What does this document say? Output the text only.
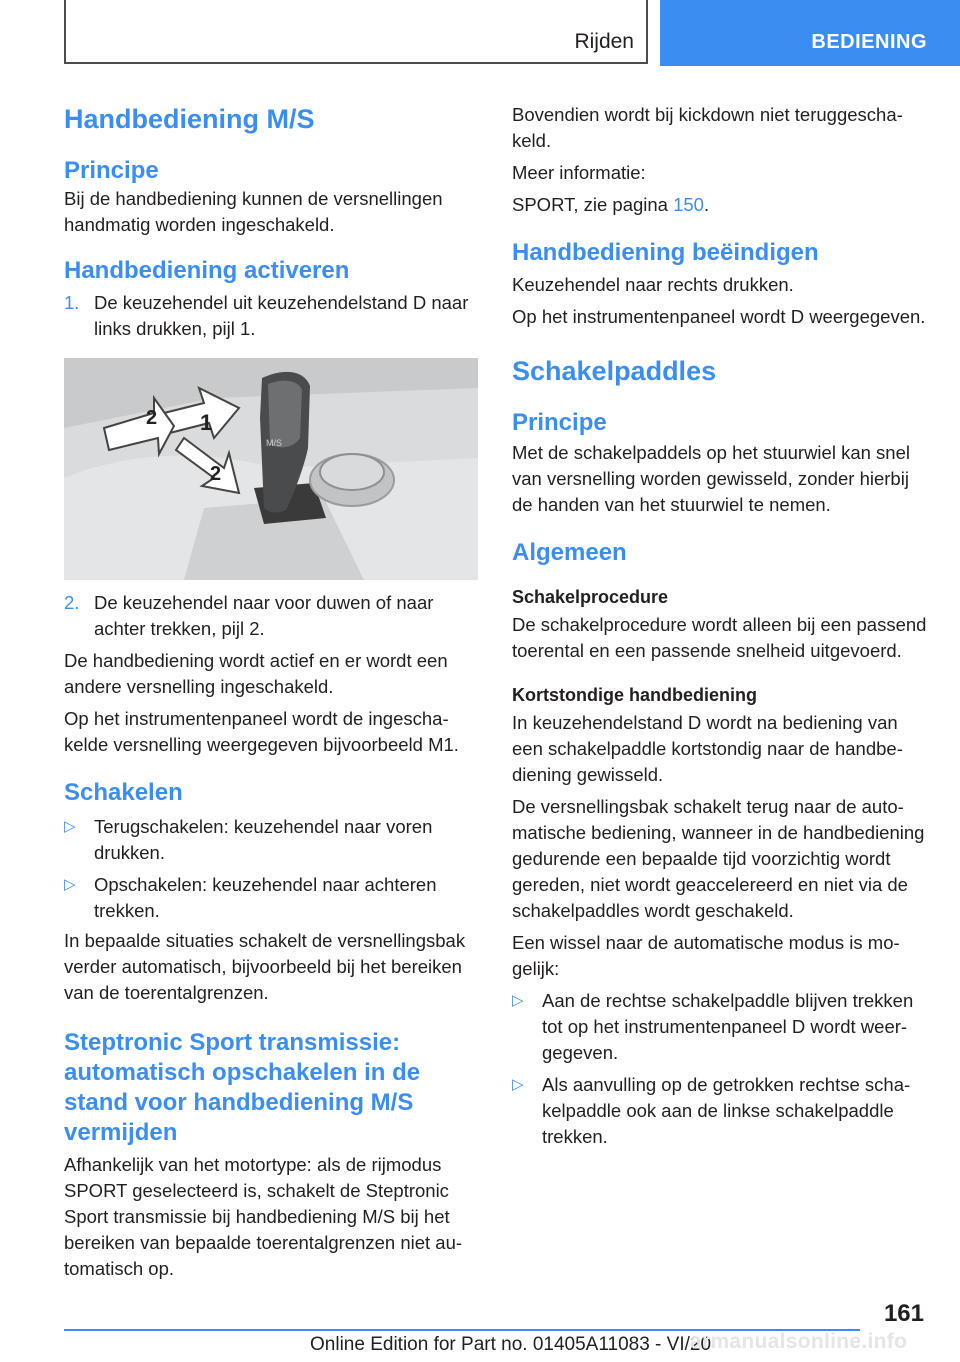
Rijden	BEDIENING
Handbediening M/S
Principe

Bij de handbediening kunnen de versnellingen handmatig worden ingeschakeld.

Handbediening activeren
1. De keuzehendel uit keuzehendelstand D naar links drukken, pijl 1.
M/S
1
2
2
2. De keuzehendel naar voor duwen of naar achter trekken, pijl 2.

De handbediening wordt actief en er wordt een andere versnelling ingeschakeld.

Op het instrumentenpaneel wordt de ingeschakelde versnelling weergegeven bijvoorbeeld M1.

Schakelen
▷ Terugschakelen: keuzehendel naar voren drukken.
▷ Opschakelen: keuzehendel naar achteren trekken.

In bepaalde situaties schakelt de versnellingsbak verder automatisch, bijvoorbeeld bij het bereiken van de toerentalgrenzen.

Steptronic Sport transmissie: automatisch opschakelen in de stand voor handbediening M/S vermijden

Afhankelijk van het motortype: als de rijmodus SPORT geselecteerd is, schakelt de Steptronic Sport transmissie bij handbediening M/S bij het bereiken van bepaalde toerentalgrenzen niet automatisch op.

Bovendien wordt bij kickdown niet teruggeschakeld.

Meer informatie:

SPORT, zie pagina 150.

Handbediening beëindigen

Keuzehendel naar rechts drukken.

Op het instrumentenpaneel wordt D weergegeven.

Schakelpaddles
Principe

Met de schakelpaddels op het stuurwiel kan snel van versnelling worden gewisseld, zonder hierbij de handen van het stuurwiel te nemen.

Algemeen
Schakelprocedure

De schakelprocedure wordt alleen bij een passend toerental en een passende snelheid uitgevoerd.

Kortstondige handbediening

In keuzehendelstand D wordt na bediening van een schakelpaddle kortstondig naar de handbediening gewisseld.

De versnellingsbak schakelt terug naar de automatische bediening, wanneer in de handbediening gedurende een bepaalde tijd voorzichtig wordt gereden, niet wordt geaccelereerd en niet via de schakelpaddles wordt geschakeld.

Een wissel naar de automatische modus is mogelijk:

▷ Aan de rechtse schakelpaddle blijven trekken tot op het instrumentenpaneel D wordt weergegeven.
▷ Als aanvulling op de getrokken rechtse schakelpaddle ook aan de linkse schakelpaddle trekken.
161
Online Edition for Part no. 01405A11083 - VI/20
armanualsonline.info
